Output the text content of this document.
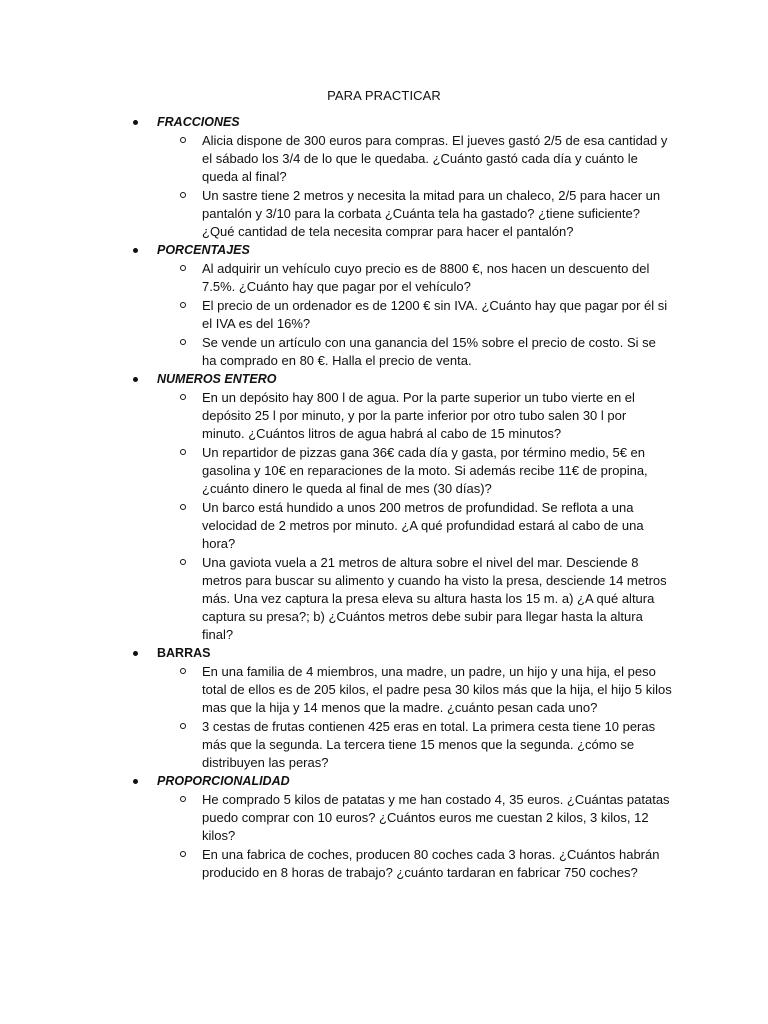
PARA PRACTICAR
FRACCIONES

Alicia dispone de 300 euros para compras. El jueves gastó 2/5 de esa cantidad y el sábado los 3/4 de lo que le quedaba. ¿Cuánto gastó cada día y cuánto le queda al final?

Un sastre tiene 2 metros y necesita la mitad para un chaleco, 2/5 para hacer un pantalón y 3/10 para la corbata ¿Cuánta tela ha gastado? ¿tiene suficiente? ¿Qué cantidad de tela necesita comprar para hacer el pantalón?

PORCENTAJES

Al adquirir un vehículo cuyo precio es de 8800 €, nos hacen un descuento del 7.5%. ¿Cuánto hay que pagar por el vehículo?

El precio de un ordenador es de 1200 € sin IVA. ¿Cuánto hay que pagar por él si el IVA es del 16%?

Se vende un artículo con una ganancia del 15% sobre el precio de costo. Si se ha comprado en 80 €. Halla el precio de venta.

NUMEROS ENTERO

En un depósito hay 800 l de agua. Por la parte superior un tubo vierte en el depósito 25 l por minuto, y por la parte inferior por otro tubo salen 30 l por minuto. ¿Cuántos litros de agua habrá al cabo de 15 minutos?

Un repartidor de pizzas gana 36€ cada día y gasta, por término medio, 5€ en gasolina y 10€ en reparaciones de la moto. Si además recibe 11€ de propina, ¿cuánto dinero le queda al final de mes (30 días)?

Un barco está hundido a unos 200 metros de profundidad. Se reflota a una velocidad de 2 metros por minuto. ¿A qué profundidad estará al cabo de una hora?

Una gaviota vuela a 21 metros de altura sobre el nivel del mar. Desciende 8 metros para buscar su alimento y cuando ha visto la presa, desciende 14 metros más. Una vez captura la presa eleva su altura hasta los 15 m. a) ¿A qué altura captura su presa?; b) ¿Cuántos metros debe subir para llegar hasta la altura final?

BARRAS

En una familia de 4 miembros, una madre, un padre, un hijo y una hija, el peso total de ellos es de 205 kilos, el padre pesa 30 kilos más que la hija, el hijo 5 kilos mas que la hija y 14 menos que la madre. ¿cuánto pesan cada uno?

3 cestas de frutas contienen 425 eras en total. La primera cesta tiene 10 peras más que la segunda. La tercera tiene 15 menos que la segunda. ¿cómo se distribuyen las peras?

PROPORCIONALIDAD

He comprado 5 kilos de patatas y me han costado 4, 35 euros. ¿Cuántas patatas puedo comprar con 10 euros? ¿Cuántos euros me cuestan 2 kilos, 3 kilos, 12 kilos?

En una fabrica de coches, producen 80 coches cada 3 horas. ¿Cuántos habrán producido en 8 horas de trabajo? ¿cuánto tardaran en fabricar 750 coches?
